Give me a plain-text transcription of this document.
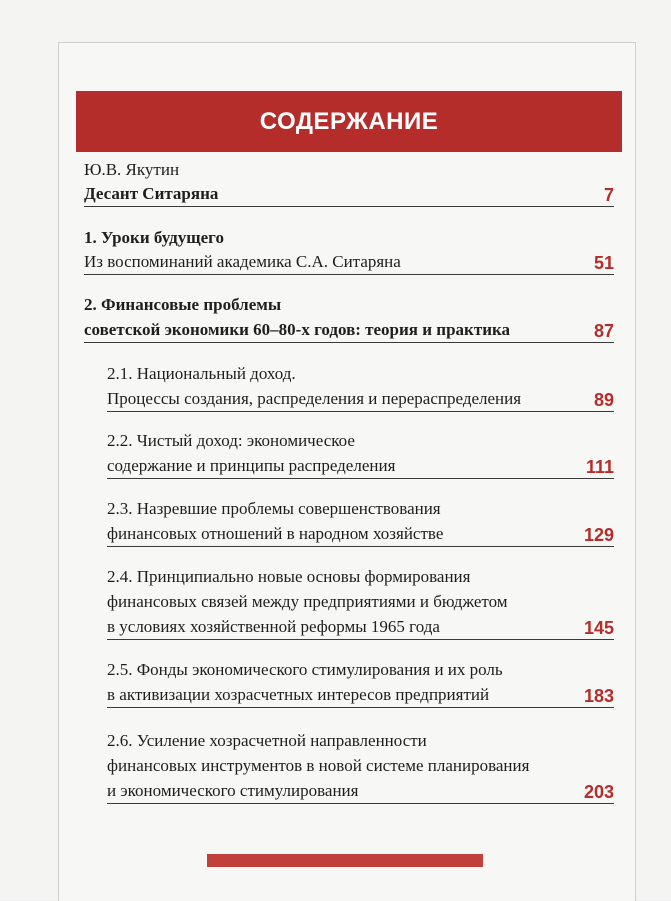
СОДЕРЖАНИЕ
Ю.В. Якутин
Десант Ситаряна	7
1. Уроки будущего
Из воспоминаний академика С.А. Ситаряна	51
2. Финансовые проблемы
советской экономики 60–80-х годов: теория и практика	87
2.1. Национальный доход.
Процессы создания, распределения и перераспределения	89
2.2. Чистый доход: экономическое
содержание и принципы распределения	111
2.3. Назревшие проблемы совершенствования
финансовых отношений в народном хозяйстве	129
2.4. Принципиально новые основы формирования
финансовых связей между предприятиями и бюджетом
в условиях хозяйственной реформы 1965 года	145
2.5. Фонды экономического стимулирования и их роль
в активизации хозрасчетных интересов предприятий	183
2.6. Усиление хозрасчетной направленности
финансовых инструментов в новой системе планирования
и экономического стимулирования	203
